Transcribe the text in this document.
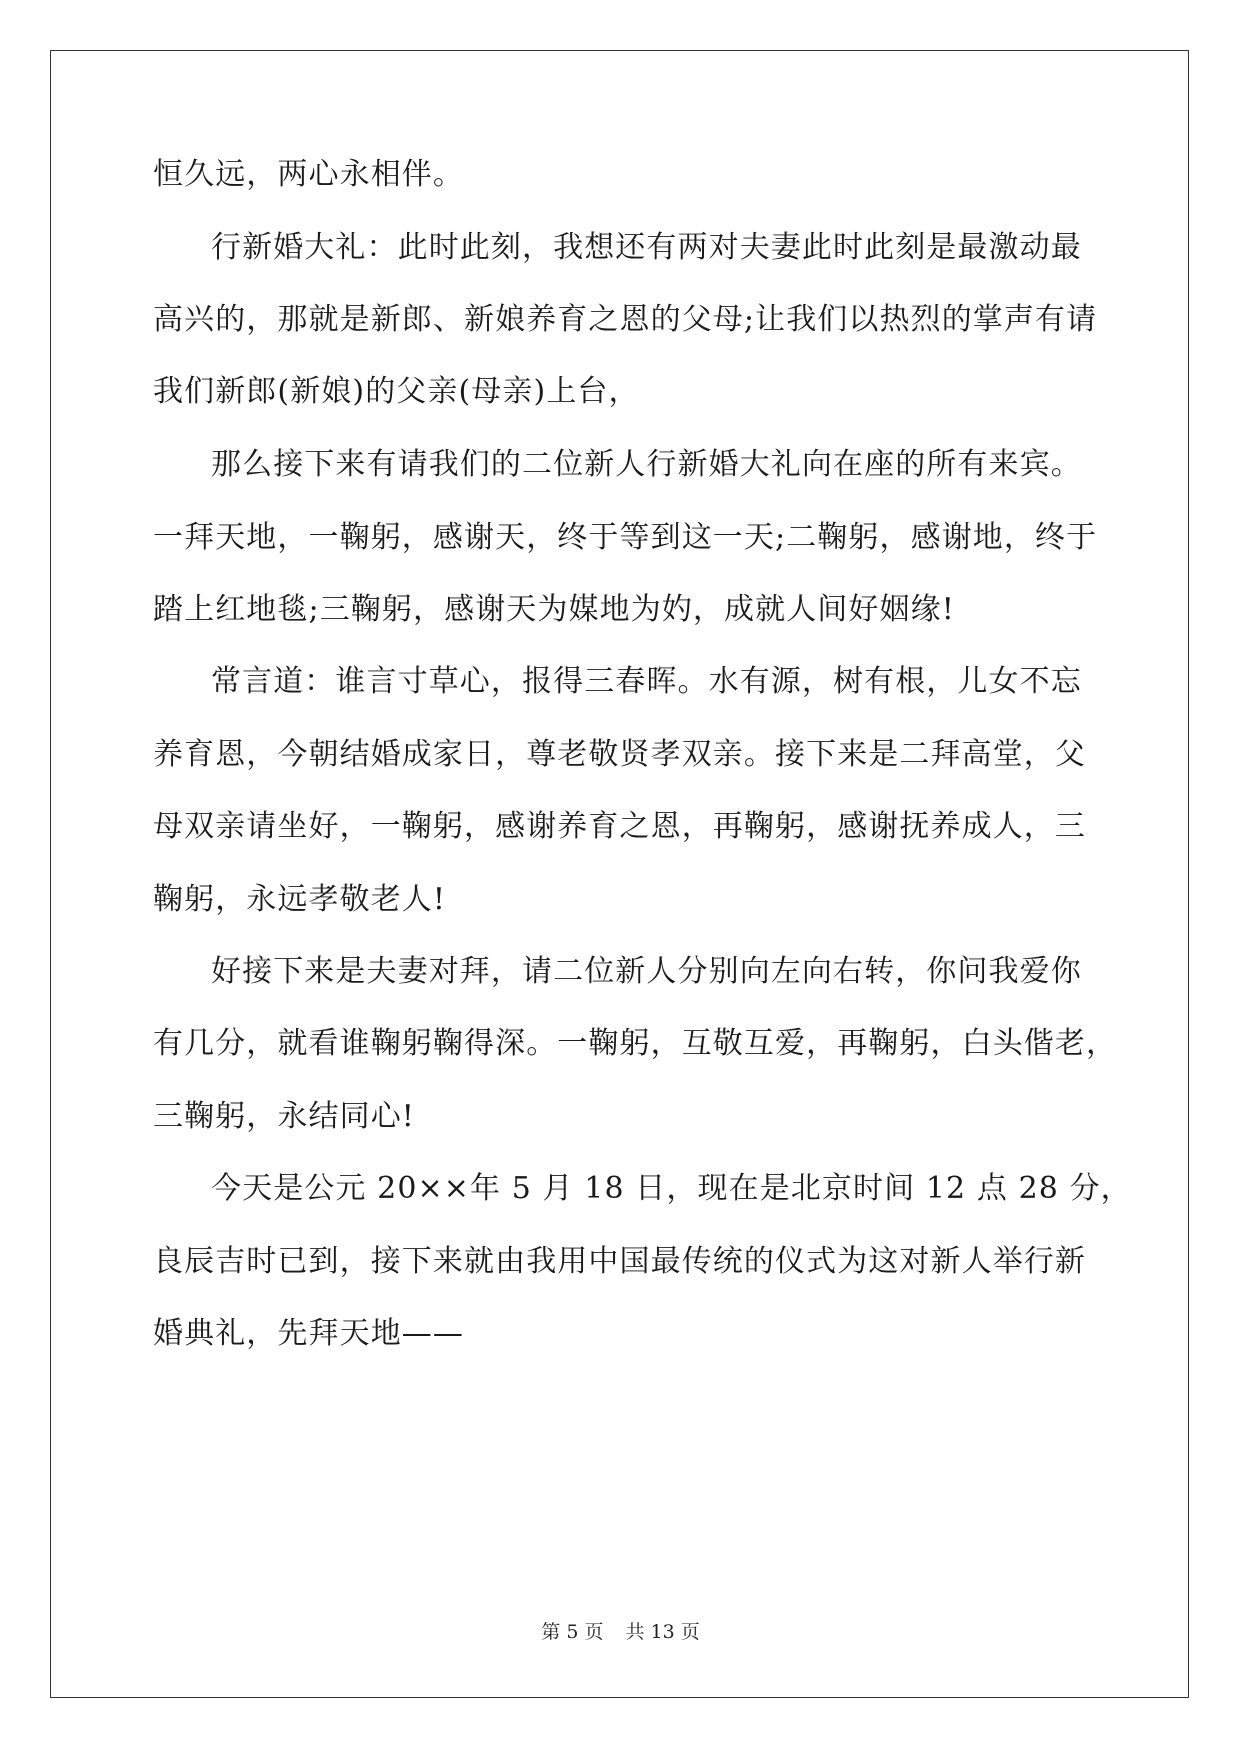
恒久远，两心永相伴。
行新婚大礼：此时此刻，我想还有两对夫妻此时此刻是最激动最
高兴的，那就是新郎、新娘养育之恩的父母;让我们以热烈的掌声有请
我们新郎(新娘)的父亲(母亲)上台，
那么接下来有请我们的二位新人行新婚大礼向在座的所有来宾。
一拜天地，一鞠躬，感谢天，终于等到这一天;二鞠躬，感谢地，终于
踏上红地毯;三鞠躬，感谢天为媒地为妁，成就人间好姻缘!
常言道：谁言寸草心，报得三春晖。水有源，树有根，儿女不忘
养育恩，今朝结婚成家日，尊老敬贤孝双亲。接下来是二拜高堂，父
母双亲请坐好，一鞠躬，感谢养育之恩，再鞠躬，感谢抚养成人，三
鞠躬，永远孝敬老人!
好接下来是夫妻对拜，请二位新人分别向左向右转，你问我爱你
有几分，就看谁鞠躬鞠得深。一鞠躬，互敬互爱，再鞠躬，白头偕老，
三鞠躬，永结同心!
今天是公元 20××年 5 月 18 日，现在是北京时间 12 点 28 分，
良辰吉时已到，接下来就由我用中国最传统的仪式为这对新人举行新
婚典礼，先拜天地——
第 5 页 共 13 页
